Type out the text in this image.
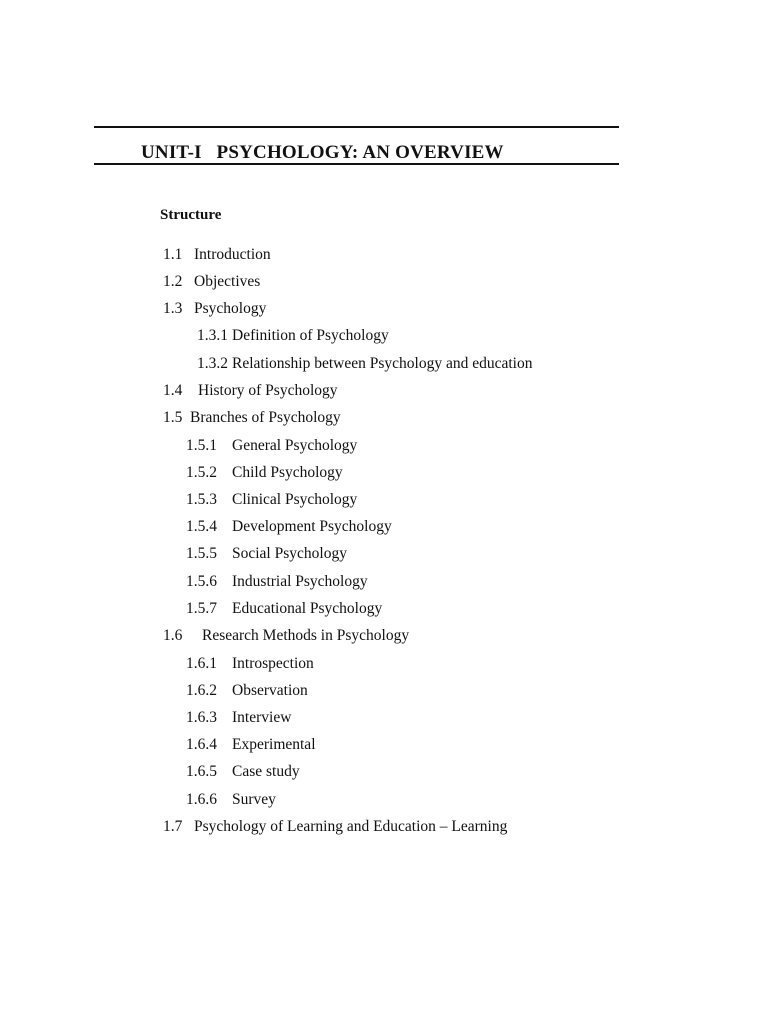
UNIT-I   PSYCHOLOGY: AN OVERVIEW
Structure
1.1 Introduction
1.2 Objectives
1.3 Psychology
1.3.1 Definition of Psychology
1.3.2 Relationship between Psychology and education
1.4 History of Psychology
1.5 Branches of Psychology
1.5.1 General Psychology
1.5.2 Child Psychology
1.5.3 Clinical Psychology
1.5.4 Development Psychology
1.5.5 Social Psychology
1.5.6 Industrial Psychology
1.5.7 Educational Psychology
1.6 Research Methods in Psychology
1.6.1 Introspection
1.6.2 Observation
1.6.3 Interview
1.6.4 Experimental
1.6.5 Case study
1.6.6 Survey
1.7 Psychology of Learning and Education – Learning
